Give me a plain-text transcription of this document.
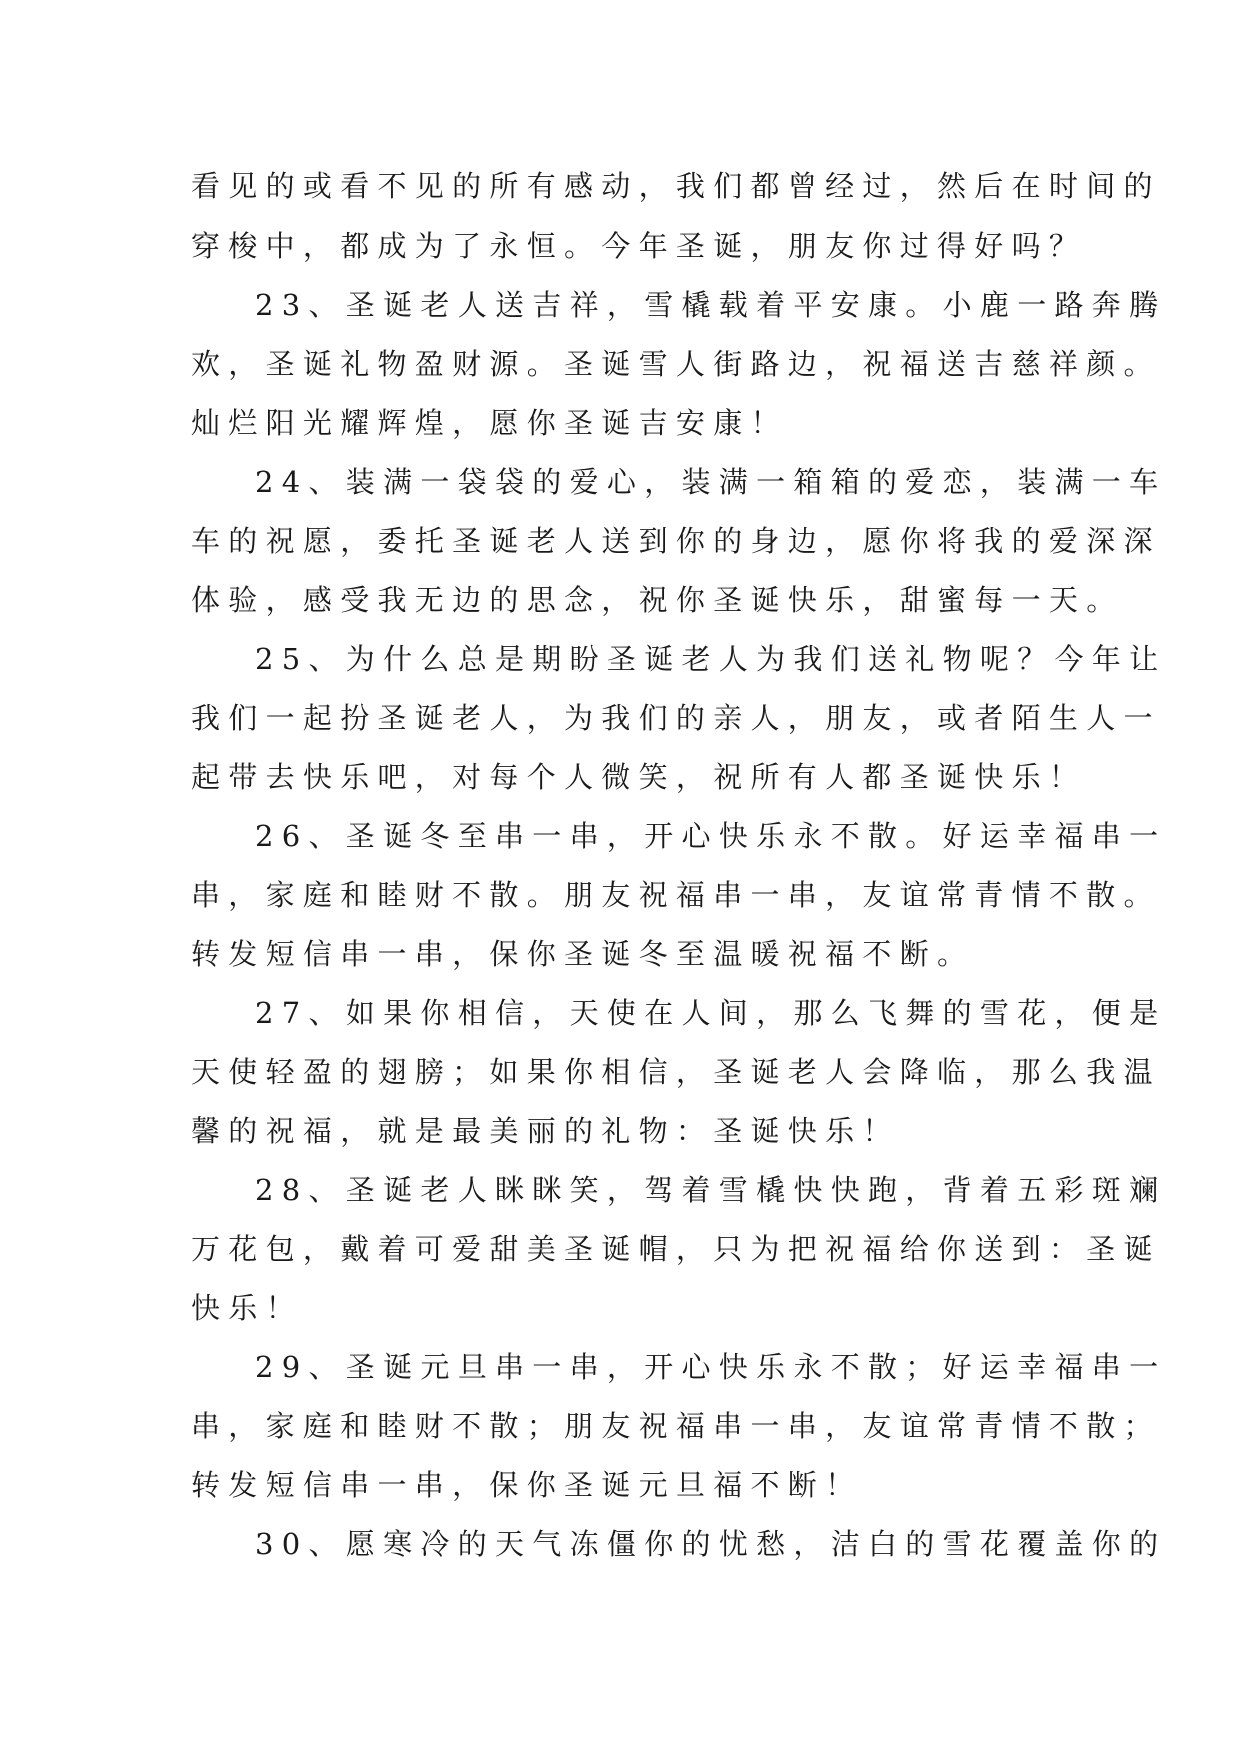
看见的或看不见的所有感动，我们都曾经过，然后在时间的

穿梭中，都成为了永恒。今年圣诞，朋友你过得好吗？

23、圣诞老人送吉祥，雪橇载着平安康。小鹿一路奔腾

欢，圣诞礼物盈财源。圣诞雪人街路边，祝福送吉慈祥颜。

灿烂阳光耀辉煌，愿你圣诞吉安康！

24、装满一袋袋的爱心，装满一箱箱的爱恋，装满一车

车的祝愿，委托圣诞老人送到你的身边，愿你将我的爱深深

体验，感受我无边的思念，祝你圣诞快乐，甜蜜每一天。

25、为什么总是期盼圣诞老人为我们送礼物呢？今年让

我们一起扮圣诞老人，为我们的亲人，朋友，或者陌生人一

起带去快乐吧，对每个人微笑，祝所有人都圣诞快乐！

26、圣诞冬至串一串，开心快乐永不散。好运幸福串一

串，家庭和睦财不散。朋友祝福串一串，友谊常青情不散。

转发短信串一串，保你圣诞冬至温暖祝福不断。

27、如果你相信，天使在人间，那么飞舞的雪花，便是

天使轻盈的翅膀；如果你相信，圣诞老人会降临，那么我温

馨的祝福，就是最美丽的礼物：圣诞快乐！

28、圣诞老人眯眯笑，驾着雪橇快快跑，背着五彩斑斓

万花包，戴着可爱甜美圣诞帽，只为把祝福给你送到：圣诞

快乐！

29、圣诞元旦串一串，开心快乐永不散；好运幸福串一

串，家庭和睦财不散；朋友祝福串一串，友谊常青情不散；

转发短信串一串，保你圣诞元旦福不断！

30、愿寒冷的天气冻僵你的忧愁，洁白的雪花覆盖你的
